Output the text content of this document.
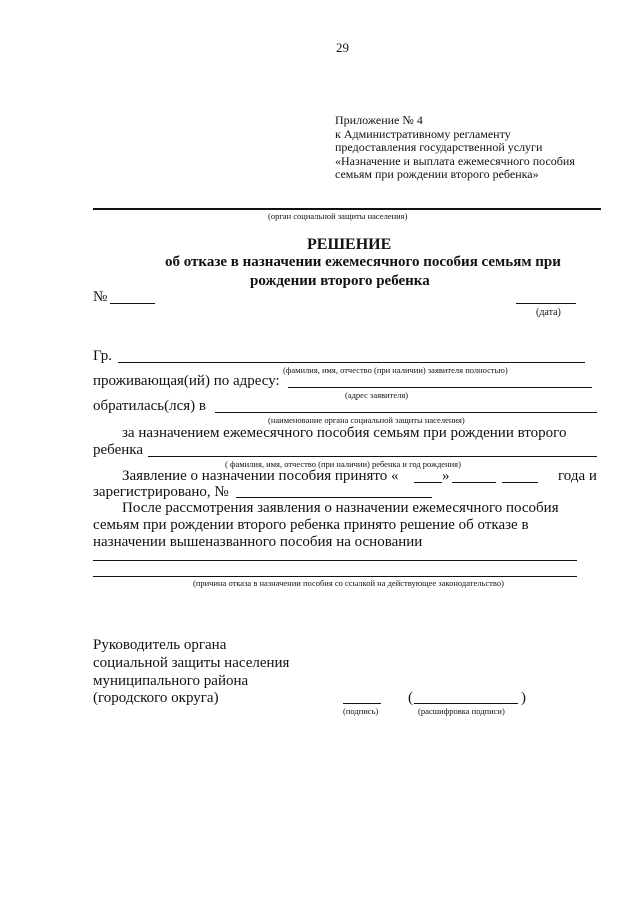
29
Приложение № 4
к Административному регламенту
предоставления государственной услуги
«Назначение и выплата ежемесячного пособия
семьям при рождении второго ребенка»
(орган социальной защиты населения)
РЕШЕНИЕ
об отказе в назначении ежемесячного пособия семьям при
рождении второго ребенка
№
(дата)
Гр.
(фамилия, имя, отчество (при наличии) заявителя полностью)
проживающая(ий) по адресу:
(адрес заявителя)
обратилась(лся) в
(наименование органа социальной защиты населения)
за назначением ежемесячного пособия семьям при рождении второго
ребенка
( фамилия, имя, отчество (при наличии) ребенка и год рождения)
Заявление о назначении пособия принято «	»	года и
зарегистрировано, №
После рассмотрения заявления о назначении ежемесячного пособия
семьям при рождении второго ребенка принято решение об отказе в
назначении вышеназванного пособия на основании
(причина отказа в назначении пособия со ссылкой на действующее законодательство)
Руководитель органа
социальной защиты населения
муниципального района
(городского округа)
(подпись)
(	)
(расшифровка подписи)
